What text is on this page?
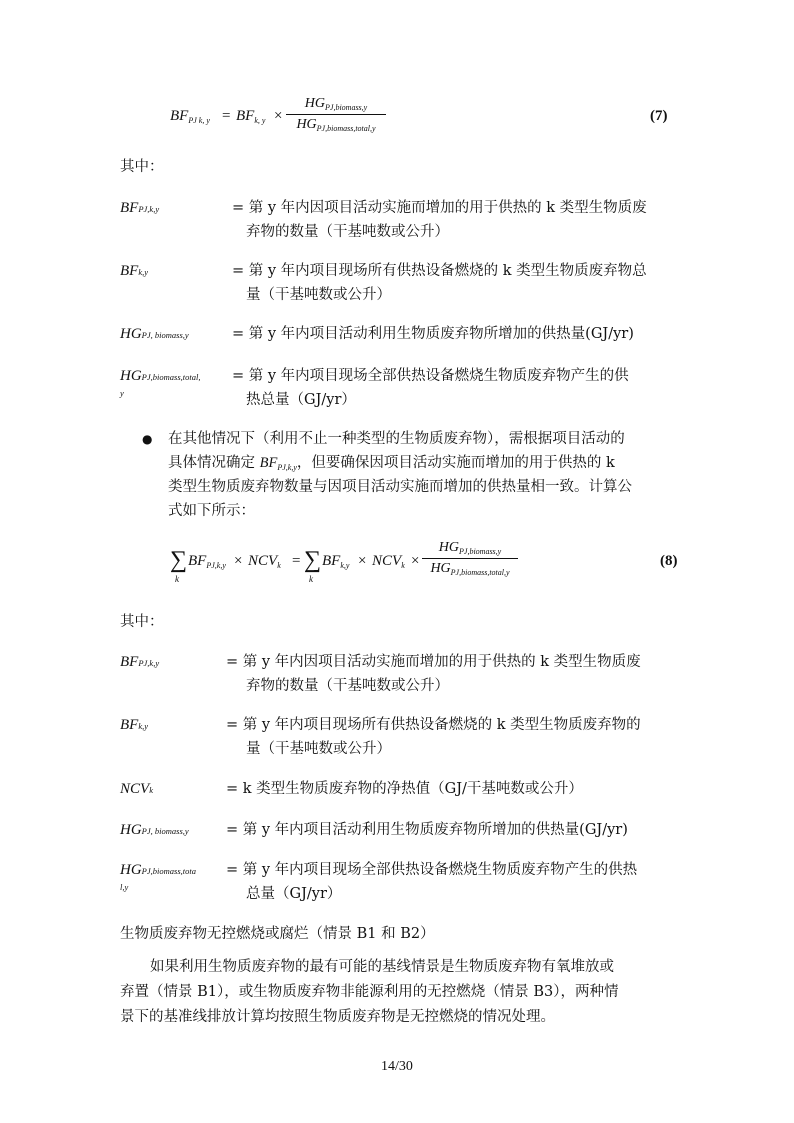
$BF_{PJ k, y} = BF_{k, y}$ ×
$HG_{PJ,biomass,y}$
$HG_{PJ,biomass,total,y}$
(7)
其中：
BFPJ,k,y	= 第 y 年内因项目活动实施而增加的用于供热的 k 类型生物质废
弃物的数量（干基吨数或公升）
BFk,y	= 第 y 年内项目现场所有供热设备燃烧的 k 类型生物质废弃物总
量（干基吨数或公升）
HGPJ, biomass,y	= 第 y 年内项目活动利用生物质废弃物所增加的供热量(GJ/yr)
HGPJ,biomass,total,
y
= 第 y 年内项目现场全部供热设备燃烧生物质废弃物产生的供
热总量（GJ/yr）
● 在其他情况下（利用不止一种类型的生物质废弃物），需根据项目活动的
具体情况确定 $BF_{PJ,k,y}$，但要确保因项目活动实施而增加的用于供热的 k
类型生物质废弃物数量与因项目活动实施而增加的供热量相一致。计算公
式如下所示：
∑
k
$BF_{PJ,k,y} \times NCV_k$ = ∑
k
$BF_{k,y} \times NCV_k$ ×
$HG_{PJ,biomass,y}$
$HG_{PJ,biomass,total,y}$
(8)
其中：
BFPJ,k,y	= 第 y 年内因项目活动实施而增加的用于供热的 k 类型生物质废
弃物的数量（干基吨数或公升）
BFk,y	= 第 y 年内项目现场所有供热设备燃烧的 k 类型生物质废弃物的
量（干基吨数或公升）
NCVk	= k 类型生物质废弃物的净热值（GJ/干基吨数或公升）
HGPJ, biomass,y	= 第 y 年内项目活动利用生物质废弃物所增加的供热量(GJ/yr)
HGPJ,biomass,tota
l,y
= 第 y 年内项目现场全部供热设备燃烧生物质废弃物产生的供热
总量（GJ/yr）
生物质废弃物无控燃烧或腐烂（情景 B1 和 B2）
如果利用生物质废弃物的最有可能的基线情景是生物质废弃物有氧堆放或
弃置（情景 B1），或生物质废弃物非能源利用的无控燃烧（情景 B3），两种情
景下的基准线排放计算均按照生物质废弃物是无控燃烧的情况处理。
14/30
